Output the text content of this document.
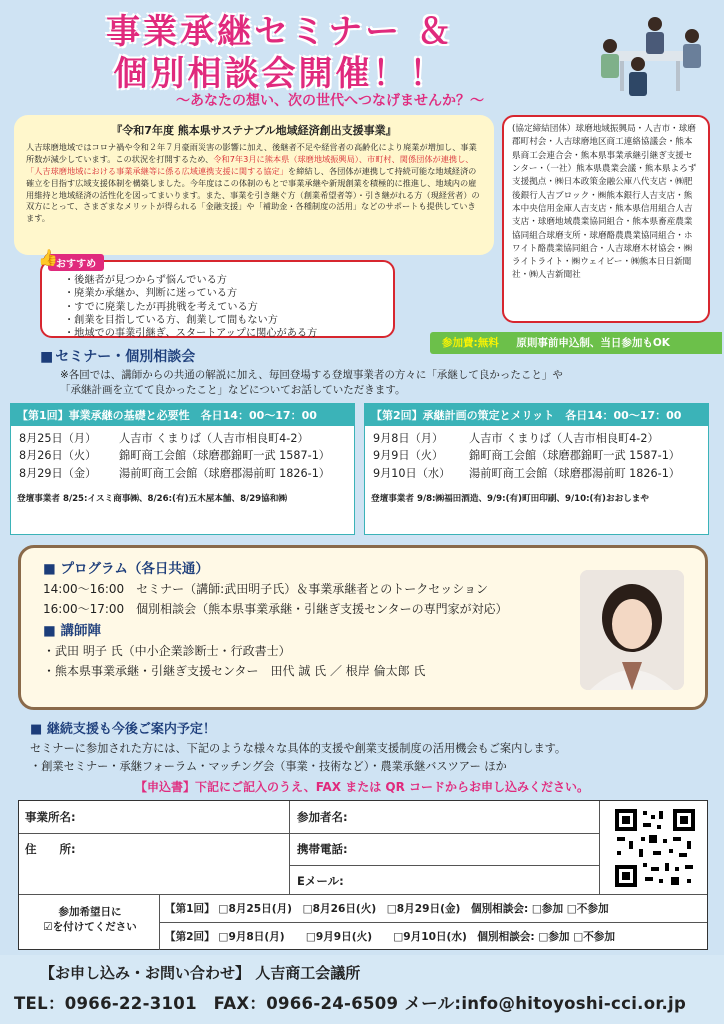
事業承継セミナー ＆
個別相談会開催！！
～あなたの想い、次の世代へつなげませんか？～
『令和7年度 熊本県サステナブル地域経済創出支援事業』
人吉球磨地域ではコロナ禍や令和２年７月豪雨災害の影響に加え、後継者不足や経営者の高齢化により廃業が増加し、事業所数が減少しています。この状況を打開するため、令和7年3月に熊本県（球磨地域振興局）、市町村、関係団体が連携し、「人吉球磨地域における事業承継等に係る広域連携支援に関する協定」を締結し、各団体が連携して持続可能な地域経済の確立を目指す広域支援体制を構築しました。今年度はこの体制のもとで事業承継や新規創業を積極的に推進し、地域内の雇用維持と地域経済の活性化を図ってまいります。また、事業を引き継ぐ方（創業希望者等）・引き継がれる方（現経営者）の双方にとって、さまざまなメリットが得られる「金融支援」や「補助金・各種制度の活用」などのサポートも提供していきます。
(協定締結団体）球磨地域振興局・人吉市・球磨郡町村会・人吉球磨地区商工連絡協議会・熊本県商工会連合会・熊本県事業承継引継ぎ支援センター・（一社）熊本県農業会議・熊本県よろず支援拠点・㈱日本政策金融公庫八代支店・㈱肥後銀行人吉ブロック・㈱熊本銀行人吉支店・熊本中央信用金庫人吉支店・熊本県信用組合人吉支店・球磨地域農業協同組合・熊本県畜産農業協同組合球磨支所・球磨酪農農業協同組合・ホワイト酪農業協同組合・人吉球磨木材協会・㈱ライトライト・㈱ウェイビー・㈱熊本日日新聞社・㈱人吉新聞社
・後継者が見つからず悩んでいる方
・廃業か承継か、判断に迷っている方
・すでに廃業したが再挑戦を考えている方
・創業を目指している方、創業して間もない方
・地域での事業引継ぎ、スタートアップに関心がある方
おすすめ
👍
参加費:無料 原則事前申込制、当日参加もOK
■ セミナー・個別相談会
※各回では、講師からの共通の解説に加え、毎回登場する登壇事業者の方々に「承継して良かったこと」や
「承継計画を立てて良かったこと」などについてお話していただきます。
【第1回】事業承継の基礎と必要性　各日14：00～17：00
8月25日（月） 人吉市 くまりば（人吉市相良町4-2）
8月26日（火） 錦町商工会館（球磨郡錦町一武 1587-1）
8月29日（金） 湯前町商工会館（球磨郡湯前町 1826-1）
登壇事業者 8/25:イスミ商事㈱、8/26:(有)五木屋本舗、8/29協和㈱
【第2回】承継計画の策定とメリット　各日14：00～17：00
9月8日（月） 人吉市 くまりば（人吉市相良町4-2）
9月9日（火） 錦町商工会館（球磨郡錦町一武 1587-1）
9月10日（水） 湯前町商工会館（球磨郡湯前町 1826-1）
登壇事業者 9/8:㈱福田酒造、9/9:(有)町田印刷、9/10:(有)おおしまや
■ プログラム（各日共通）
14:00～16:00　セミナー（講師:武田明子氏）＆事業承継者とのトークセッション
16:00～17:00　個別相談会（熊本県事業承継・引継ぎ支援センターの専門家が対応）
■ 講師陣
・武田 明子 氏（中小企業診断士・行政書士）
・熊本県事業承継・引継ぎ支援センター　田代 誠 氏 ／ 根岸 倫太郎 氏
■ 継続支援も今後ご案内予定！
セミナーに参加された方には、下記のような様々な具体的支援や創業支援制度の活用機会もご案内します。
・創業セミナー・承継フォーラム・マッチング会（事業・技術など）・農業承継バスツアー ほか
【申込書】下記にご記入のうえ、FAX または QR コードからお申し込みください。
事業所名:	参加者名:
住　　所:	携帯電話:
Eメール:
参加希望日に
☑を付けてください
【第1回】 □8月25日(月)　□8月26日(火)　□8月29日(金)　個別相談会: □参加 □不参加
【第2回】 □9月8日(月)　　□9月9日(火)　　□9月10日(水)　個別相談会: □参加 □不参加
【お申し込み・お問い合わせ】 人吉商工会議所
TEL：0966-22-3101　FAX：0966-24-6509 メール:info@hitoyoshi-cci.or.jp
